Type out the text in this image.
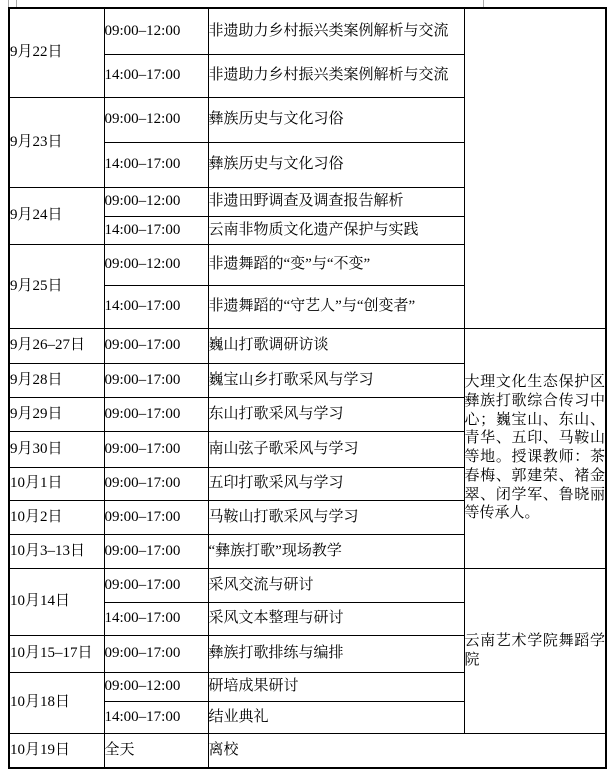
9月22日	09:00–12:00	非遗助力乡村振兴类案例解析与交流	
	14:00–17:00	非遗助力乡村振兴类案例解析与交流	
9月23日	09:00–12:00	彝族历史与文化习俗	
	14:00–17:00	彝族历史与文化习俗	
9月24日	09:00–12:00	非遗田野调查及调查报告解析	
	14:00–17:00	云南非物质文化遗产保护与实践	
9月25日	09:00–12:00	非遗舞蹈的“变”与“不变”	
	14:00–17:00	非遗舞蹈的“守艺人”与“创变者”	
9月26–27日	09:00–17:00	巍山打歌调研访谈	大理文化生态保护区彝族打歌综合传习中心；巍宝山、东山、青华、五印、马鞍山等地。授课教师：茶春梅、郭建荣、褚金翠、闭学军、鲁晓丽等传承人。
9月28日	09:00–17:00	巍宝山乡打歌采风与学习	
9月29日	09:00–17:00	东山打歌采风与学习	
9月30日	09:00–17:00	南山弦子歌采风与学习	
10月1日	09:00–17:00	五印打歌采风与学习	
10月2日	09:00–17:00	马鞍山打歌采风与学习	
10月3–13日	09:00–17:00	“彝族打歌”现场教学	
10月14日	09:00–17:00	采风交流与研讨	云南艺术学院舞蹈学院
	14:00–17:00	采风文本整理与研讨	
10月15–17日	09:00–17:00	彝族打歌排练与编排	
10月18日	09:00–12:00	研培成果研讨	
	14:00–17:00	结业典礼	
10月19日	全天	离校	
